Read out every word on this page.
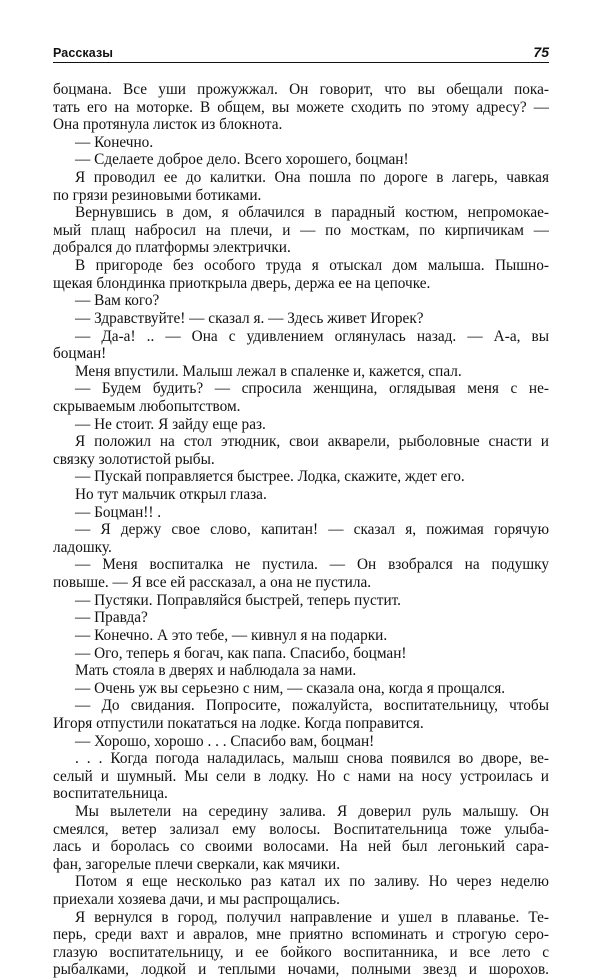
Рассказы	75
боцмана. Все уши прожужжал. Он говорит, что вы обещали пока-
тать его на моторке. В общем, вы можете сходить по этому адресу? —
Она протянула листок из блокнота.
— Конечно.
— Сделаете доброе дело. Всего хорошего, боцман!
Я проводил ее до калитки. Она пошла по дороге в лагерь, чавкая
по грязи резиновыми ботиками.
Вернувшись в дом, я облачился в парадный костюм, непромокае-
мый плащ набросил на плечи, и — по мосткам, по кирпичикам —
добрался до платформы электрички.
В пригороде без особого труда я отыскал дом малыша. Пышно-
щекая блондинка приоткрыла дверь, держа ее на цепочке.
— Вам кого?
— Здравствуйте! — сказал я. — Здесь живет Игорек?
— Да-а! .. — Она с удивлением оглянулась назад. — А-а, вы
боцман!
Меня впустили. Малыш лежал в спаленке и, кажется, спал.
— Будем будить? — спросила женщина, оглядывая меня с не-
скрываемым любопытством.
— Не стоит. Я зайду еще раз.
Я положил на стол этюдник, свои акварели, рыболовные снасти и
связку золотистой рыбы.
— Пускай поправляется быстрее. Лодка, скажите, ждет его.
Но тут мальчик открыл глаза.
— Боцман!! .
— Я держу свое слово, капитан! — сказал я, пожимая горячую
ладошку.
— Меня воспиталка не пустила. — Он взобрался на подушку
повыше. — Я все ей рассказал, а она не пустила.
— Пустяки. Поправляйся быстрей, теперь пустит.
— Правда?
— Конечно. А это тебе, — кивнул я на подарки.
— Ого, теперь я богач, как папа. Спасибо, боцман!
Мать стояла в дверях и наблюдала за нами.
— Очень уж вы серьезно с ним, — сказала она, когда я прощался.
— До свидания. Попросите, пожалуйста, воспитательницу, чтобы
Игоря отпустили покататься на лодке. Когда поправится.
— Хорошо, хорошо . . . Спасибо вам, боцман!
. . . Когда погода наладилась, малыш снова появился во дворе, ве-
селый и шумный. Мы сели в лодку. Но с нами на носу устроилась и
воспитательница.
Мы вылетели на середину залива. Я доверил руль малышу. Он
смеялся, ветер зализал ему волосы. Воспитательница тоже улыба-
лась и боролась со своими волосами. На ней был легонький сара-
фан, загорелые плечи сверкали, как мячики.
Потом я еще несколько раз катал их по заливу. Но через неделю
приехали хозяева дачи, и мы распрощались.
Я вернулся в город, получил направление и ушел в плаванье. Те-
перь, среди вахт и авралов, мне приятно вспоминать и строгую серо-
глазую воспитательницу, и ее бойкого воспитанника, и все лето с
рыбалками, лодкой и теплыми ночами, полными звезд и шорохов.
